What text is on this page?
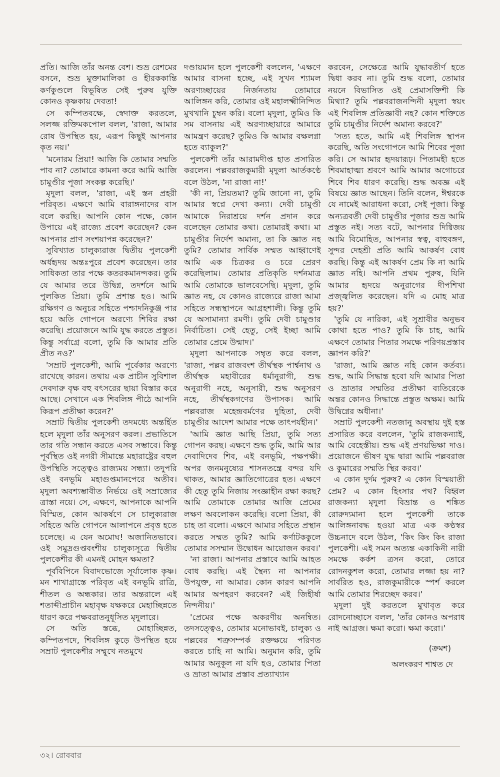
প্রতি। আজি তাঁর অনন্ত বেশ। শুভ্র রেশমের বসনে, শুভ্র মুক্তামালিকা ও হীরককান্তি কর্ণকুণ্ডলে বিভূষিত সেই পুরুষ যুক্তি কোনও কৃষ্ণকায় দেবতা!

সে কম্পিতবক্ষে, স্বেদাক্ত করতলে, সলজ্জ রক্তিমকপোল বলল, 'রাজা, আমার রোষ উপস্থিত হয়, এরূপ কিছুই আপনার কৃত নয়।'

'মনোরম প্রিয়া! আজি কি তোমার সম্মতি পাব না? তোমারে কামনা করে আমি আজি চামুণ্ডীর পূজা সংকল্প করেছি।'

মৃদুলা বলল, 'রাজা, এই স্তন প্রহরী পরিবৃত। এক্ষণে আমি বারাঙ্গনাদের বাস বলে করছি। আপনি কোন পক্ষে, কোন উপায়ে এই রাজ্যে প্রবেশ করেছেন? কেন আপনার প্রাণ সংশয়াপন্ন করেছেন?'

সুবিখ্যাত চালুক্যরাজ দ্বিতীয় পুলকেশী অর্ধহৃদয় অন্তঃপুরে প্রবেশ করেছেন। তার সাধিকতা তার পক্ষে কতরকমানন্দকর। তুমি যে আমার তরে উদ্বিগ্ন, তদর্শনে আমি পুলকিত প্রিয়া। তুমি প্রশান্ত হও। আমি রক্ষিগণ ও অনুচর সহিতে পশ্চাদনিকুঞ্জ পার হয়ে অতি গোপনে অরণ্যে শিবির রক্ষা করেছি। প্রয়োজনে আমি যুদ্ধ করতে প্রস্তুত। কিন্তু সর্বাগ্রে বলো, তুমি কি আমার প্রতি প্রীত নও?'

'সম্রাট পুলকেশী, আমি পূর্বেকার অরণ্যে রাখেছে কারন। তথায় এক প্রাচীন সুবিশাল দেবদারু বৃক্ষ বহু বৎসরের ছায়া বিস্তার করে আছে। সেখানে এক শিবলিঙ্গ পীঠে আপনি কিরূপ প্রতীক্ষা করেন?'

সম্রাট দ্বিতীয় পুলকেশী তদমধ্যে অন্তর্হিত হলে মৃদুলা তাঁর অনুসরণ করল। প্রভাতিসে তার গতি সন্ধান করতে এসব সম্ভাবে। কিন্তু পূর্বস্থিত ওই নগরী সীমান্তে মহারাষ্ট্রের বহুল উপস্থিতি সত্ত্বেও রাজ্যময় সন্ধ্যা। তদুপরি ওই বনভূমি মহাগুপ্তমানপেরে অতীব। মৃদুলা অবশ্যম্ভাবীত নির্ভয়ে ওই সম্রাজ্যের ত্রাস্তা নয়ে। সে, এক্ষণে, আপনাকে আপনি বিস্মিত, কোন আকর্ষণে সে চালুক্যরাজ সহিতে অতি গোপনে আলাপনে প্রবৃত্ত হতে চলেছে। এ যেন অমোঘ! অজানিতভাবে। ওই সমুদ্রগুপ্তবংশীয় চালুক্যসূত্রে দ্বিতীয় পুলকেশীর কী এমনই মোহন ক্ষমতা?

পূর্ববিপিনে বিবাদভোজে সূর্যালোক কৃষ্ণ। মন শাখাগ্রাস্তে পরিবৃত এই বনভূমি রাত্রি, শীতল ও অন্ধকার। তার অন্তরালে এই শতাব্দীপ্রাচীন মহাবৃক্ষ যক্ষকরে মেহাচ্ছিন্নতে ধারণ করে পক্ষবরাতনুধূসিত মৃদুলারে।

সে অতি স্তব্ধে, মোহাচ্ছিন্নত, কম্পিতপদে, শিবলিঙ্গ কুড়ে উপস্থিত হয়ে সম্রাট পুলকেশীর সম্মুখে নতমুখে

দণ্ডায়মান হলে পুলকেশী বললেন, 'এক্ষণে আমার বাসনা হচ্ছে, এই সুখন শ্যামল অরণ্যচ্ছায়ের নির্জনতায় তোমারে আলিঙ্গন করি, তোমার ওই মহালক্ষ্মীনিন্দিত মুখখানি চুম্বন করি। বলো মৃদুলা, তুমিও কি সম বাসনায় এই অরণ্যচ্ছায়ারে আমারে আমন্ত্রণ করেছ? তুমিও কি আমার বক্ষলগ্না হতে ব্যাকুল?'

পুলকেশী তাঁর আরামদীপ্ত হাত প্রসারিত করলেন। পল্লবরাজকুমারী মৃদুলা আর্তকণ্ঠে বলে উঠল, 'না রাজা না!'

'কী না, প্রিয়তমা? তুমি জানো না, তুমি আমার স্বপ্নে দেখা কন্যা। দেবী চামুণ্ডী আমাকে নিরাশ্রয়ে দর্শন প্রদান করে বলেছেন তোমার কথা। তোমারই কথা। মা চামুণ্ডীর নির্দেশ অমান্য, তা কি জ্ঞাত নহ তুমি? তোমার সার্বিক সম্মত আহ্বাণেই আমি এক চিত্রকর ও চরে প্রেরণ করেছিলাম। তোমার প্রতিকৃতি দর্শনমাত্র আমি তোমাকে ভালবেসেছি। মৃদুলা, তুমি জ্ঞাত নহ, যে কোনও রাজ্যেরে রাজা আমা সহিতে সন্ধস্থাপনে আগ্রহশালী। কিন্তু তুমি যে অসামান্যা রমণী। তুমি দেবী চামুণ্ডার নির্বাচিতা। সেই হেতু, সেই ইচ্ছা আমি তোমার প্রেমে উন্মাদ।'

মৃদুলা আপনাকে সম্বৃত করে বলল, 'রাজা, পল্লব রাজবংশ তীর্থস্থক পার্শ্বনাথ ও তীর্থস্থক মহাবীরের ধর্মানুরাগী, শুদ্ধ অনুরাগী নহে, অনুসারী, শুদ্ধ অনুসরণ নহে, তীর্থস্থকগণের উপাসক। আমি পল্লবরাজ মহেন্দ্রবর্মণের দুহিতা, দেবী চামুণ্ডীর আদেশ আমার পক্ষে তাৎপর্যহীন।'

'আমি জ্ঞাত আছি প্রিয়া, তুমি সত্য গোপন করছ। এক্ষণে শুদ্ধ তুমি, আমি আর দেবাদিদেব শিব, এই বনভূমি, পক্ষপক্ষী। অপর জনমনুষ্যের শাসনতন্ত্রে বন্দর যদি থাকত, আমার জ্ঞাতিগোত্রের হত। এক্ষণে কী হেতু তুমি নিজায় সংজ্ঞাহীন রক্ষা করছ? আমি তোমাকে তোমার আজি প্রেমের লক্ষণ অবলোকন করেছি। বলো প্রিয়া, কী চাহ তা বলো। এক্ষণে আমার সহিতে প্রস্থান করতে সম্মত তুমি? আমি কর্ণাটককুলে তোমার সসম্মান উদ্বোধন আয়োজন করব।'

'না রাজা। আপনার প্রস্তাবে আমি আহত বোধ করছি। এই স্থৈন্য না আপনার উপযুক্ত, না আমার। কোন কারণ আপনি আমার অপহরণ করবেন? এই জিহীর্ষা নিন্দনীয়।'

'প্রেমের পক্ষে অকরণীয় অনন্বিত। তদসত্ত্বেও, তোমার মনোভাবই, চালুক্য ও পল্লবের শত্রুসম্পর্ক রক্তক্ষয়ে পরিণত করতে চাহি না আমি। অনুমান করি, তুমি আমার অনুকূল না যদি হও, তোমার পিতা ও ভ্রাতা আমার প্রস্তাব প্রত্যাখ্যান

করবেন, সেক্ষেত্রে আমি যুদ্ধাবতীর্ণ হতে দ্বিধা করব না। তুমি শুদ্ধ বলো, তোমার নয়নে বিভাসিত ওই প্রেমাসক্তিশী কি মিথ্যা? তুমি পল্লবরাজনন্দিনী মৃদুলা স্বয়ং এই শিবলিঙ্গ প্রতিজ্ঞাবী নহ? কোন শক্তিতে তুমি চামুণ্ডীর নির্দেশ অমান্য করবে?'

'সত্য হতে, আমি এই শিবলিঙ্গ স্থাপন করেছি, অতি সংগোপনে আমি শিবের পূজা করি। সে আমার হৃদয়ারূঢ়। পিতামহী হতে শিবমাহাত্ম্য শ্রবণে আমি আমার অগোচরে শিবে শিব ধারণ করেছি। শুদ্ধ অবজ্ঞ এই বিষয়ে জ্ঞাত আছেন। তিনি বলেন, ঈশ্বরকে যে নামেই আরাধনা করো, সেই পূজা। কিন্তু অন্যত্রবর্তী দেবী চামুণ্ডীর পূজার শুভ্র আমি প্রস্তুত নই। সত্য বটে, আপনার দিগ্বিজয় আমি বিমোহিত, আপনার স্বত্ব, বাহুবঙ্গণ, সুন্দর দেহশ্রী প্রতি আমি আকর্ষণ বোধ করছি। কিন্তু এই আকর্ষণ প্রেম কি না আমি জ্ঞাত নহি। আপনি প্রথম পুরুষ, যিনি আমার হৃদয়ে অনুরাগের দীপশিখা প্রজ্জ্বলিত করেছেন। যদি এ মোহ মাত্র হয়?'

'তুমি যে নারিকা, এই সুশ্রাবীর অনুভব কোথা হতে পাও? তুমি কি চাহ, আমি এক্ষণে তোমার পিতার সমক্ষে পরিণয়প্রস্তাব জ্ঞাপন করি?'

'রাজা, আমি জ্ঞাত নহি কোন কর্তব্য। শুদ্ধ, আমি সিদ্ধান্ত হবো যদি আমার পিতা ও ভ্রাতার সম্মতির প্রতীক্ষা ব্যতিরেকে অন্তর কোনও সিদ্ধান্তে প্রস্তুত অক্ষম। আমি উদ্বিগ্নের অধীনা।'

সম্রাট পুলকেশী নতজানু অবস্থায় দুই হস্ত প্রসারিত করে বললেন, 'তুমি রাজকন্যাই, আমি বেহেস্তীয়। শুদ্ধ এই প্রণয়ভিক্ষা দাও। প্রয়োজনে ভীষণ যুদ্ধ দ্বারা আমি পল্লবরাজ ও কুমারের সম্মতি স্থির করব।'

এ কোন দুর্দম পুরুষ? এ কোন বিস্ময়াতী প্রেম? এ কোন হিংসার পথ? বিহ্বল রাজকন্যা মৃদুলা বিভ্রান্ত ও শঙ্কিত রোরুদ্যমানা হলে পুলকেশী তাকে আলিঙ্গনাবদ্ধ হওয়া মাত্র এক কণ্ঠস্বর উচ্চনাদে বলে উঠল, 'কিং কিং কিং রাজা পুলকেশী। এই সমন অত্যন্ত একাকিনী নারী সমক্ষে কর্কশ ত্রসন করো, তোরে রোদনকুশল করো, তোমার লজ্জা হয় না? সার্বরিত হও, রাজকুমারীকে স্পর্শ করলে আমি তোমার শিরচ্ছেদ করব।'

মৃদুলা দুই করতলে মুখাবৃত করে রোদনোচ্ছাসে বলল, 'তাঁর কোনও অপরাধ নাই আগ্রজ। ক্ষমা করো। ক্ষমা করো।'

(ক্রমশ)
অলংকরণ শাশ্বত দে
৩২। রোববার
